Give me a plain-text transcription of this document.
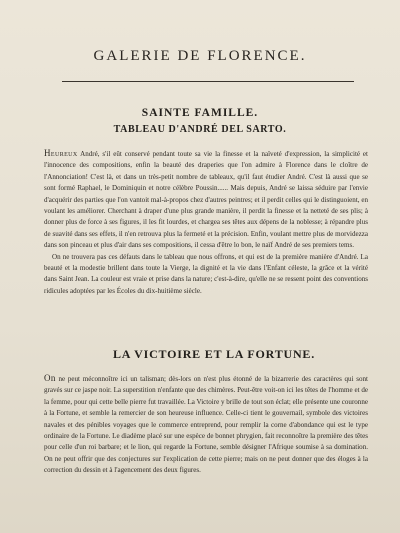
GALERIE DE FLORENCE.
SAINTE FAMILLE.
TABLEAU D'ANDRÉ DEL SARTO.

Heureux André, s'il eût conservé pendant toute sa vie la finesse et la naïveté d'expression, la simplicité et l'innocence des compositions, enfin la beauté des draperies que l'on admire à Florence dans le cloître de l'Annonciation! C'est là, et dans un très-petit nombre de tableaux, qu'il faut étudier André. C'est là aussi que se sont formé Raphael, le Dominiquin et notre célèbre Poussin...... Mais depuis, André se laissa séduire par l'envie d'acquérir des parties que l'on vantoit mal-à-propos chez d'autres peintres; et il perdit celles qui le distinguoient, en voulant les améliorer. Cherchant à draper d'une plus grande manière, il perdit la finesse et la netteté de ses plis; à donner plus de force à ses figures, il les fit lourdes, et chargea ses têtes aux dépens de la noblesse; à répandre plus de suavité dans ses effets, il n'en retrouva plus la fermeté et la précision. Enfin, voulant mettre plus de morvidezza dans son pinceau et plus d'air dans ses compositions, il cessa d'être lo bon, le naïf André de ses premiers tems.

On ne trouvera pas ces défauts dans le tableau que nous offrons, et qui est de la première manière d'André. La beauté et la modestie brillent dans toute la Vierge, la dignité et la vie dans l'Enfant céleste, la grâce et la vérité dans Saint Jean. La couleur est vraie et prise dans la nature; c'est-à-dire, qu'elle ne se ressent point des conventions ridicules adoptées par les Écoles du dix-huitième siècle.

LA VICTOIRE ET LA FORTUNE.

On ne peut méconnoître ici un talisman; dès-lors on n'est plus étonné de la bizarrerie des caractères qui sont gravés sur ce jaspe noir. La superstition n'enfante que des chimères. Peut-être voit-on ici les têtes de l'homme et de la femme, pour qui cette belle pierre fut travaillée. La Victoire y brille de tout son éclat; elle présente une couronne à la Fortune, et semble la remercier de son heureuse influence. Celle-ci tient le gouvernail, symbole des victoires navales et des pénibles voyages que le commerce entreprend, pour remplir la corne d'abondance qui est le type ordinaire de la Fortune. Le diadème placé sur une espèce de bonnet phrygien, fait reconnoître la première des têtes pour celle d'un roi barbare; et le lion, qui regarde la Fortune, semble désigner l'Afrique soumise à sa domination. On ne peut offrir que des conjectures sur l'explication de cette pierre; mais on ne peut donner que des éloges à la correction du dessin et à l'agencement des deux figures.
